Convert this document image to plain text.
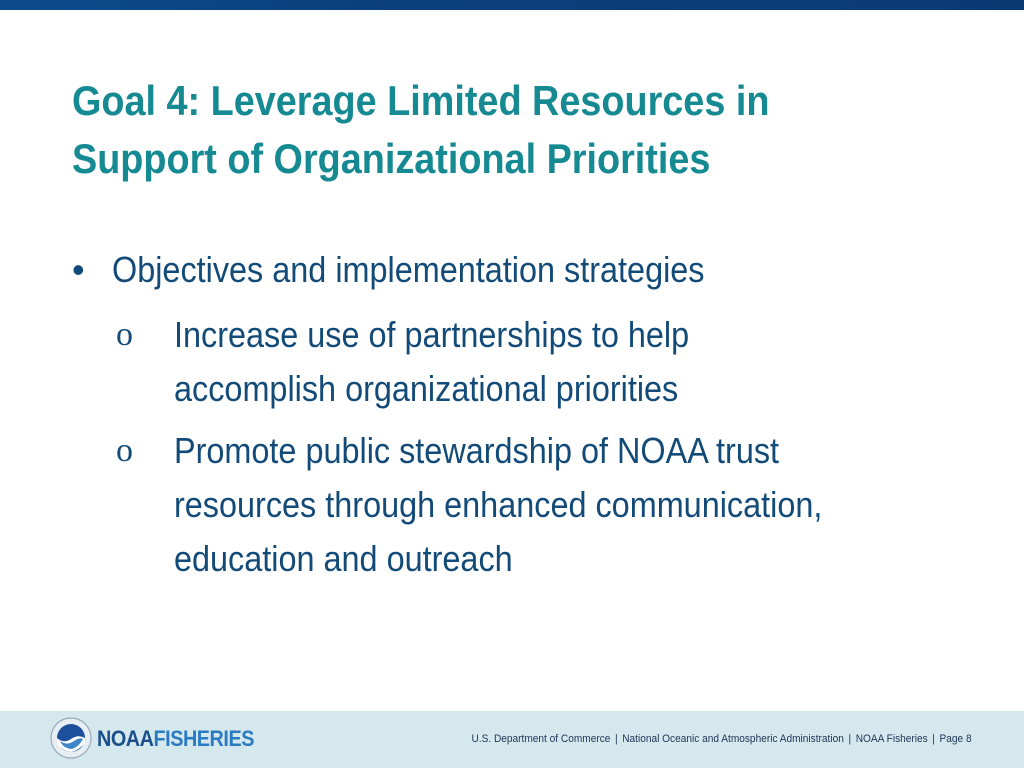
Goal 4: Leverage Limited Resources in
Support of Organizational Priorities
• Objectives and implementation strategies
o Increase use of partnerships to help
accomplish organizational priorities
o Promote public stewardship of NOAA trust
resources through enhanced communication,
education and outreach
NOAAFISHERIES	U.S. Department of Commerce | National Oceanic and Atmospheric Administration | NOAA Fisheries | Page 8
